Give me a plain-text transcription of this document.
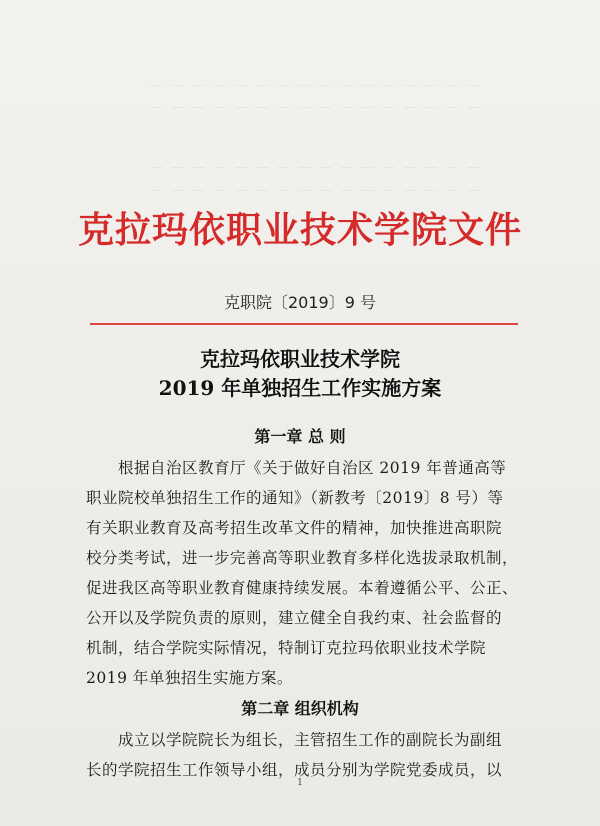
— — — — — — — — — — — — — — — —
— — — — — — — — — — — — — — — —
— — — — — — — — — — — — — — — —
— — — — — — — — — — — — — — — —
克拉玛依职业技术学院文件
克职院〔2019〕9 号
克拉玛依职业技术学院
2019 年单独招生工作实施方案
第一章 总 则
根据自治区教育厅《关于做好自治区 2019 年普通高等
职业院校单独招生工作的通知》（新教考〔2019〕8 号）等
有关职业教育及高考招生改革文件的精神，加快推进高职院
校分类考试，进一步完善高等职业教育多样化选拔录取机制，
促进我区高等职业教育健康持续发展。本着遵循公平、公正、
公开以及学院负责的原则，建立健全自我约束、社会监督的
机制，结合学院实际情况，特制订克拉玛依职业技术学院
2019 年单独招生实施方案。
第二章 组织机构
成立以学院院长为组长，主管招生工作的副院长为副组
长的学院招生工作领导小组，成员分别为学院党委成员，以
1
